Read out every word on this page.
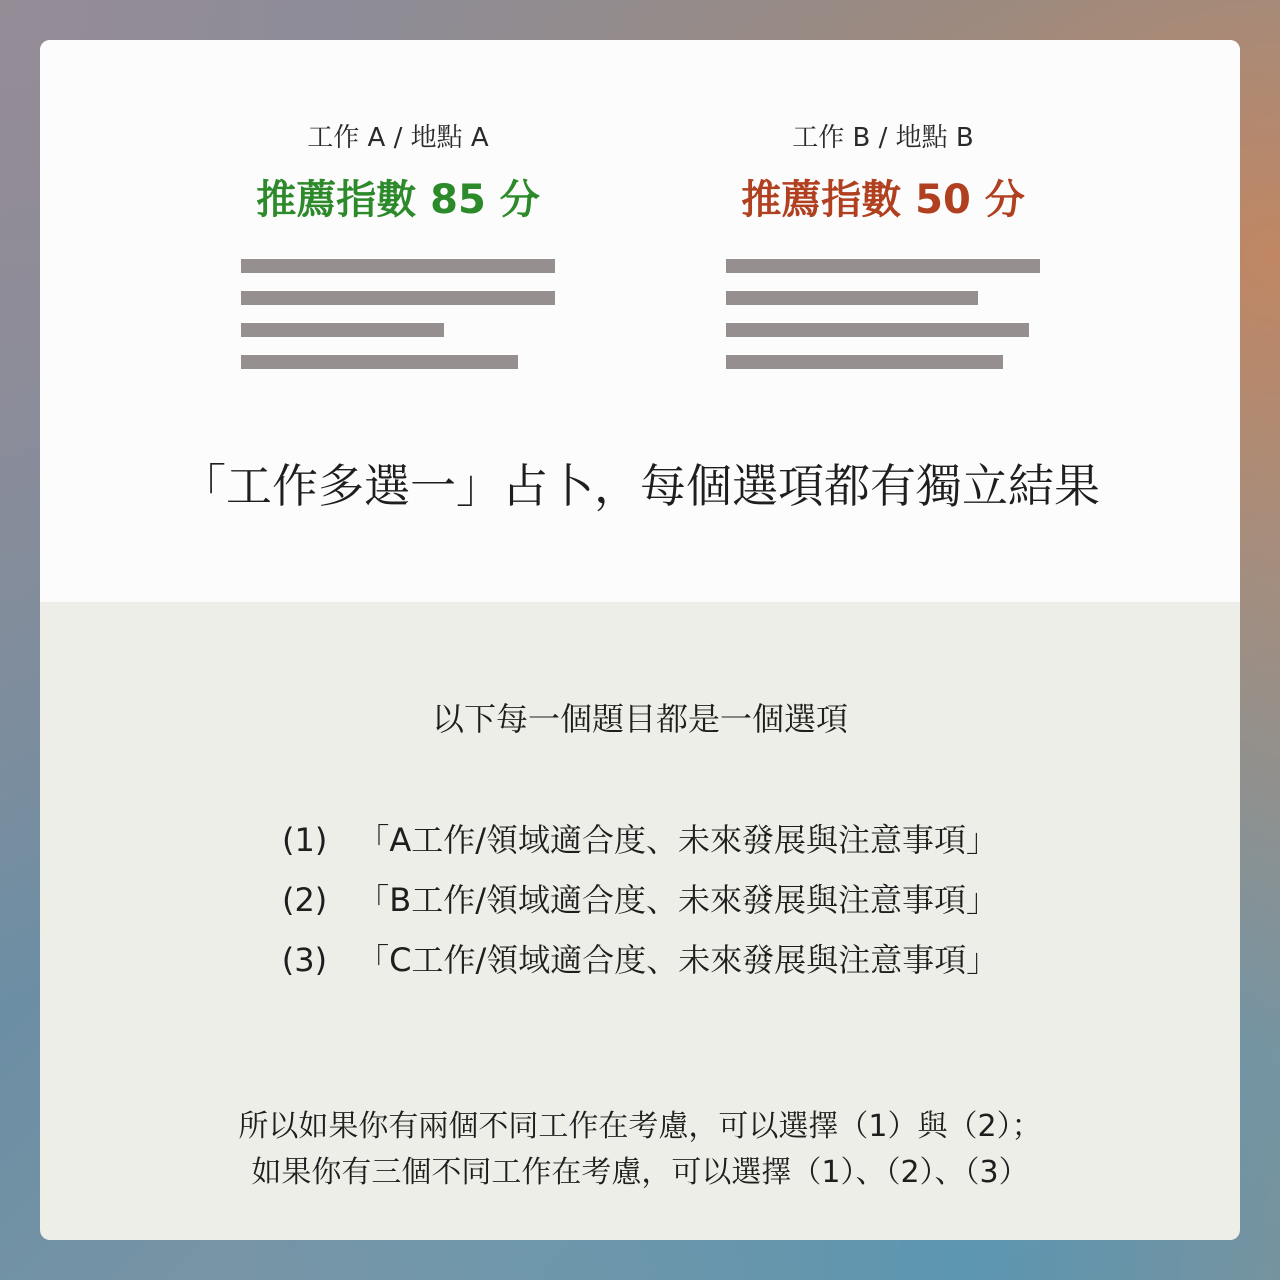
工作 A / 地點 A
推薦指數 85 分
工作 B / 地點 B
推薦指數 50 分
「工作多選一」占卜，每個選項都有獨立結果
以下每一個題目都是一個選項
(1) 「A工作/領域適合度、未來發展與注意事項」
(2) 「B工作/領域適合度、未來發展與注意事項」
(3) 「C工作/領域適合度、未來發展與注意事項」
所以如果你有兩個不同工作在考慮，可以選擇（1）與（2）；
如果你有三個不同工作在考慮，可以選擇（1）、（2）、（3）
